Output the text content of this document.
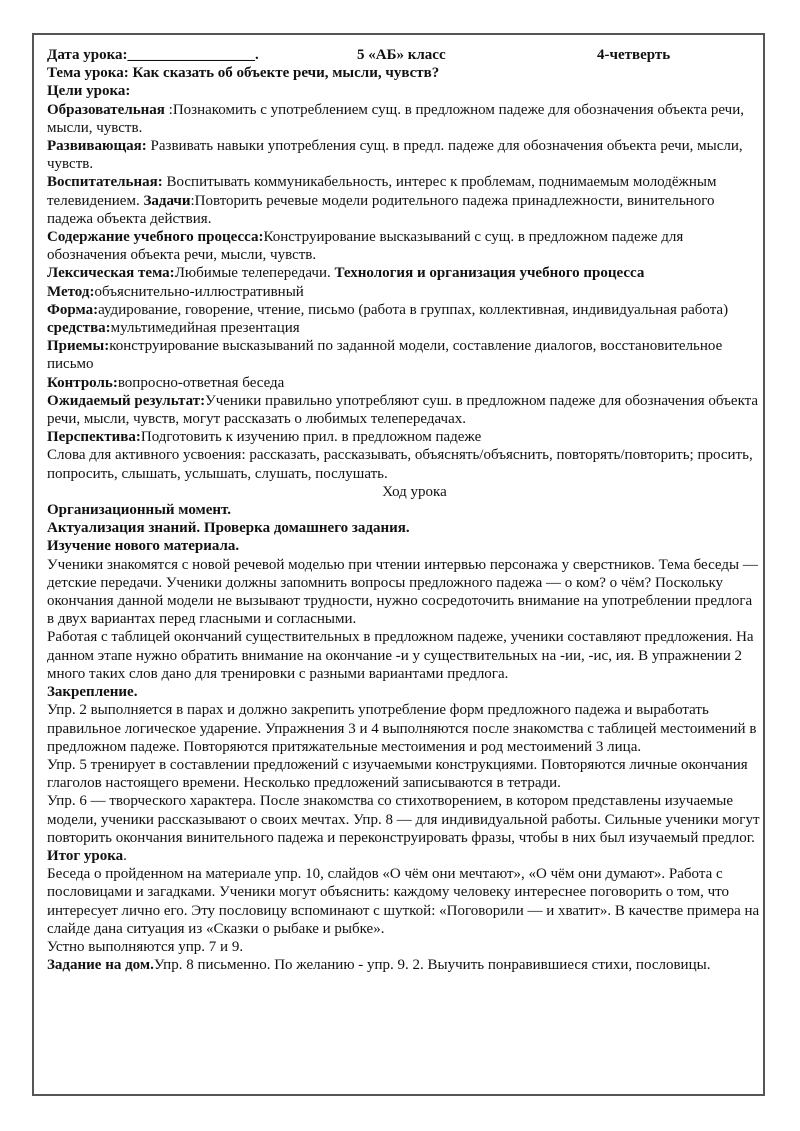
Дата урока:_________________.	5 «АБ» класс	4-четверть

Тема урока: Как сказать об объекте речи, мысли, чувств?

Цели урока:

Образовательная :Познакомить с употреблением сущ. в предложном падеже для обозначения объекта речи, мысли, чувств.

Развивающая: Развивать навыки употребления сущ. в предл. падеже для обозначения объекта речи, мысли, чувств.

Воспитательная: Воспитывать коммуникабельность, интерес к проблемам, поднимаемым молодёжным телевидением. Задачи:Повторить речевые модели родительного падежа принадлежности, винительного падежа объекта действия.

Содержание учебного процесса:Конструирование высказываний с сущ. в предложном падеже для обозначения объекта речи, мысли, чувств.

Лексическая тема:Любимые телепередачи. Технология и организация учебного процесса

Метод:объяснительно-иллюстративный

Форма:аудирование, говорение, чтение, письмо (работа в группах, коллективная, индивидуальная работа) средства:мультимедийная презентация

Приемы:конструирование высказываний по заданной модели, составление диалогов, восстановительное письмо

Контроль:вопросно-ответная беседа

Ожидаемый результат:Ученики правильно употребляют суш. в предложном падеже для обозначения объекта речи, мысли, чувств, могут рассказать о любимых телепередачах.

Перспектива:Подготовить к изучению прил. в предложном падеже

Слова для активного усвоения: рассказать, рассказывать, объяснять/объяснить, повторять/повторить; просить, попросить, слышать, услышать, слушать, послушать.

Ход урока

Организационный момент.

Актуализация знаний. Проверка домашнего задания.

Изучение нового материала.

Ученики знакомятся с новой речевой моделью при чтении интервью персонажа у сверстников. Тема беседы — детские передачи. Ученики должны запомнить вопросы предложного падежа — о ком? о чём? Поскольку окончания данной модели не вызывают трудности, нужно сосредоточить внимание на употреблении предлога в двух вариантах перед гласными и согласными.

Работая с таблицей окончаний существительных в предложном падеже, ученики составляют предложения. На данном этапе нужно обратить внимание на окончание -и у существительных на -ии, -ис, ия. В упражнении 2 много таких слов дано для тренировки с разными вариантами предлога.

Закрепление.

Упр. 2 выполняется в парах и должно закрепить употребление форм предложного падежа и выработать правильное логическое ударение. Упражнения 3 и 4 выполняются после знакомства с таблицей местоимений в предложном падеже. Повторяются притяжательные местоимения и род местоимений 3 лица.

Упр. 5 тренирует в составлении предложений с изучаемыми конструкциями. Повторяются личные окончания глаголов настоящего времени. Несколько предложений записываются в тетради.

Упр. 6 — творческого характера. После знакомства со стихотворением, в котором представлены изучаемые модели, ученики рассказывают о своих мечтах. Упр. 8 — для индивидуальной работы. Сильные ученики могут повторить окончания винительного падежа и переконструировать фразы, чтобы в них был изучаемый предлог.

Итог урока.

Беседа о пройденном на материале упр. 10, слайдов «О чём они мечтают», «О чём они думают». Работа с пословицами и загадками. Ученики могут объяснить: каждому человеку интереснее поговорить о том, что интересует лично его. Эту пословицу вспоминают с шуткой: «Поговорили — и хватит». В качестве примера на слайде дана ситуация из «Сказки о рыбаке и рыбке».

Устно выполняются упр. 7 и 9.

Задание на дом.Упр. 8 письменно. По желанию - упр. 9. 2. Выучить понравившиеся стихи, пословицы.
